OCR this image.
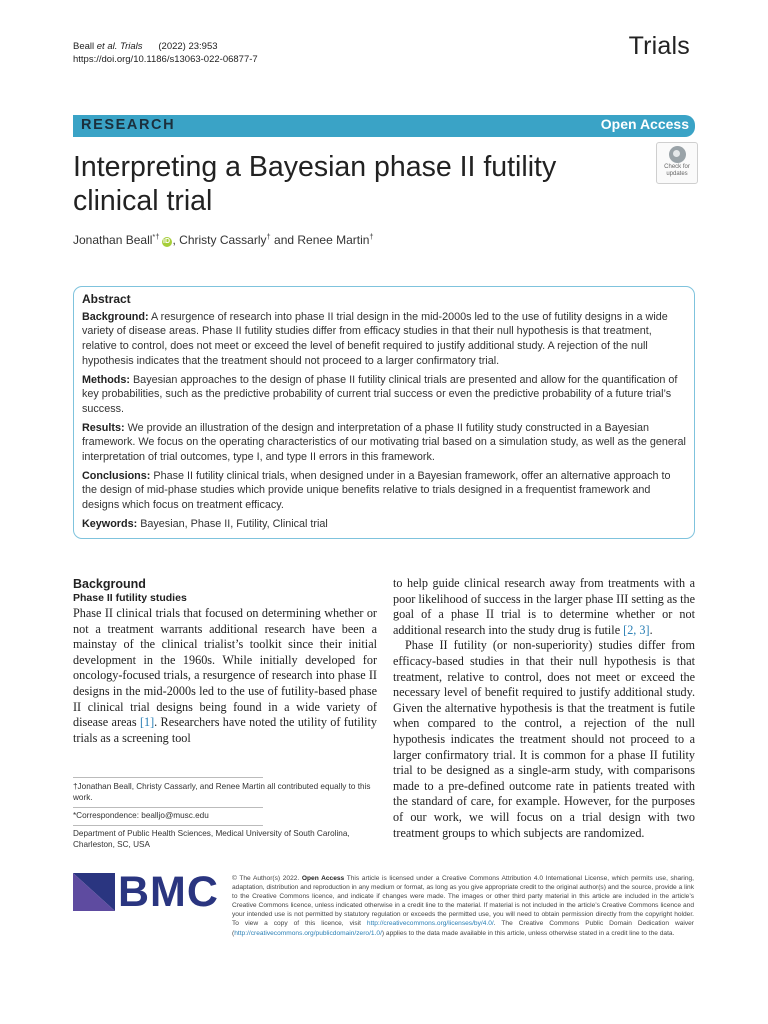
Beall et al. Trials (2022) 23:953
https://doi.org/10.1186/s13063-022-06877-7	Trials
RESEARCH	Open Access
Interpreting a Bayesian phase II futility clinical trial
Check for
updates
Jonathan Beall*†iD , Christy Cassarly† and Renee Martin†
Abstract

Background: A resurgence of research into phase II trial design in the mid-2000s led to the use of futility designs in a wide variety of disease areas. Phase II futility studies differ from efficacy studies in that their null hypothesis is that treatment, relative to control, does not meet or exceed the level of benefit required to justify additional study. A rejection of the null hypothesis indicates that the treatment should not proceed to a larger confirmatory trial.

Methods: Bayesian approaches to the design of phase II futility clinical trials are presented and allow for the quantification of key probabilities, such as the predictive probability of current trial success or even the predictive probability of a future trial’s success.

Results: We provide an illustration of the design and interpretation of a phase II futility study constructed in a Bayesian framework. We focus on the operating characteristics of our motivating trial based on a simulation study, as well as the general interpretation of trial outcomes, type I, and type II errors in this framework.

Conclusions: Phase II futility clinical trials, when designed under in a Bayesian framework, offer an alternative approach to the design of mid-phase studies which provide unique benefits relative to trials designed in a frequentist framework and designs which focus on treatment efficacy.

Keywords: Bayesian, Phase II, Futility, Clinical trial

Background
Phase II futility studies

Phase II clinical trials that focused on determining whether or not a treatment warrants additional research have been a mainstay of the clinical trialist’s toolkit since their initial development in the 1960s. While initially developed for oncology-focused trials, a resurgence of research into phase II designs in the mid-2000s led to the use of futility-based phase II clinical trial designs being found in a wide variety of disease areas [1]. Researchers have noted the utility of futility trials as a screening tool

†Jonathan Beall, Christy Cassarly, and Renee Martin all contributed equally to this work.
*Correspondence: bealljo@musc.edu
Department of Public Health Sciences, Medical University of South Carolina, Charleston, SC, USA

to help guide clinical research away from treatments with a poor likelihood of success in the larger phase III setting as the goal of a phase II trial is to determine whether or not additional research into the study drug is futile [2, 3].

Phase II futility (or non-superiority) studies differ from efficacy-based studies in that their null hypothesis is that treatment, relative to control, does not meet or exceed the necessary level of benefit required to justify additional study. Given the alternative hypothesis is that the treatment is futile when compared to the control, a rejection of the null hypothesis indicates the treatment should not proceed to a larger confirmatory trial. It is common for a phase II futility trial to be designed as a single-arm study, with comparisons made to a pre-defined outcome rate in patients treated with the standard of care, for example. However, for the purposes of our work, we will focus on a trial design with two treatment groups to which subjects are randomized.

BMC © The Author(s) 2022. Open Access This article is licensed under a Creative Commons Attribution 4.0 International License, which permits use, sharing, adaptation, distribution and reproduction in any medium or format, as long as you give appropriate credit to the original author(s) and the source, provide a link to the Creative Commons licence, and indicate if changes were made. The images or other third party material in this article are included in the article’s Creative Commons licence, unless indicated otherwise in a credit line to the material. If material is not included in the article’s Creative Commons licence and your intended use is not permitted by statutory regulation or exceeds the permitted use, you will need to obtain permission directly from the copyright holder. To view a copy of this licence, visit http://creativecommons.org/licenses/by/4.0/. The Creative Commons Public Domain Dedication waiver (http://creativecommons.org/publicdomain/zero/1.0/) applies to the data made available in this article, unless otherwise stated in a credit line to the data.
